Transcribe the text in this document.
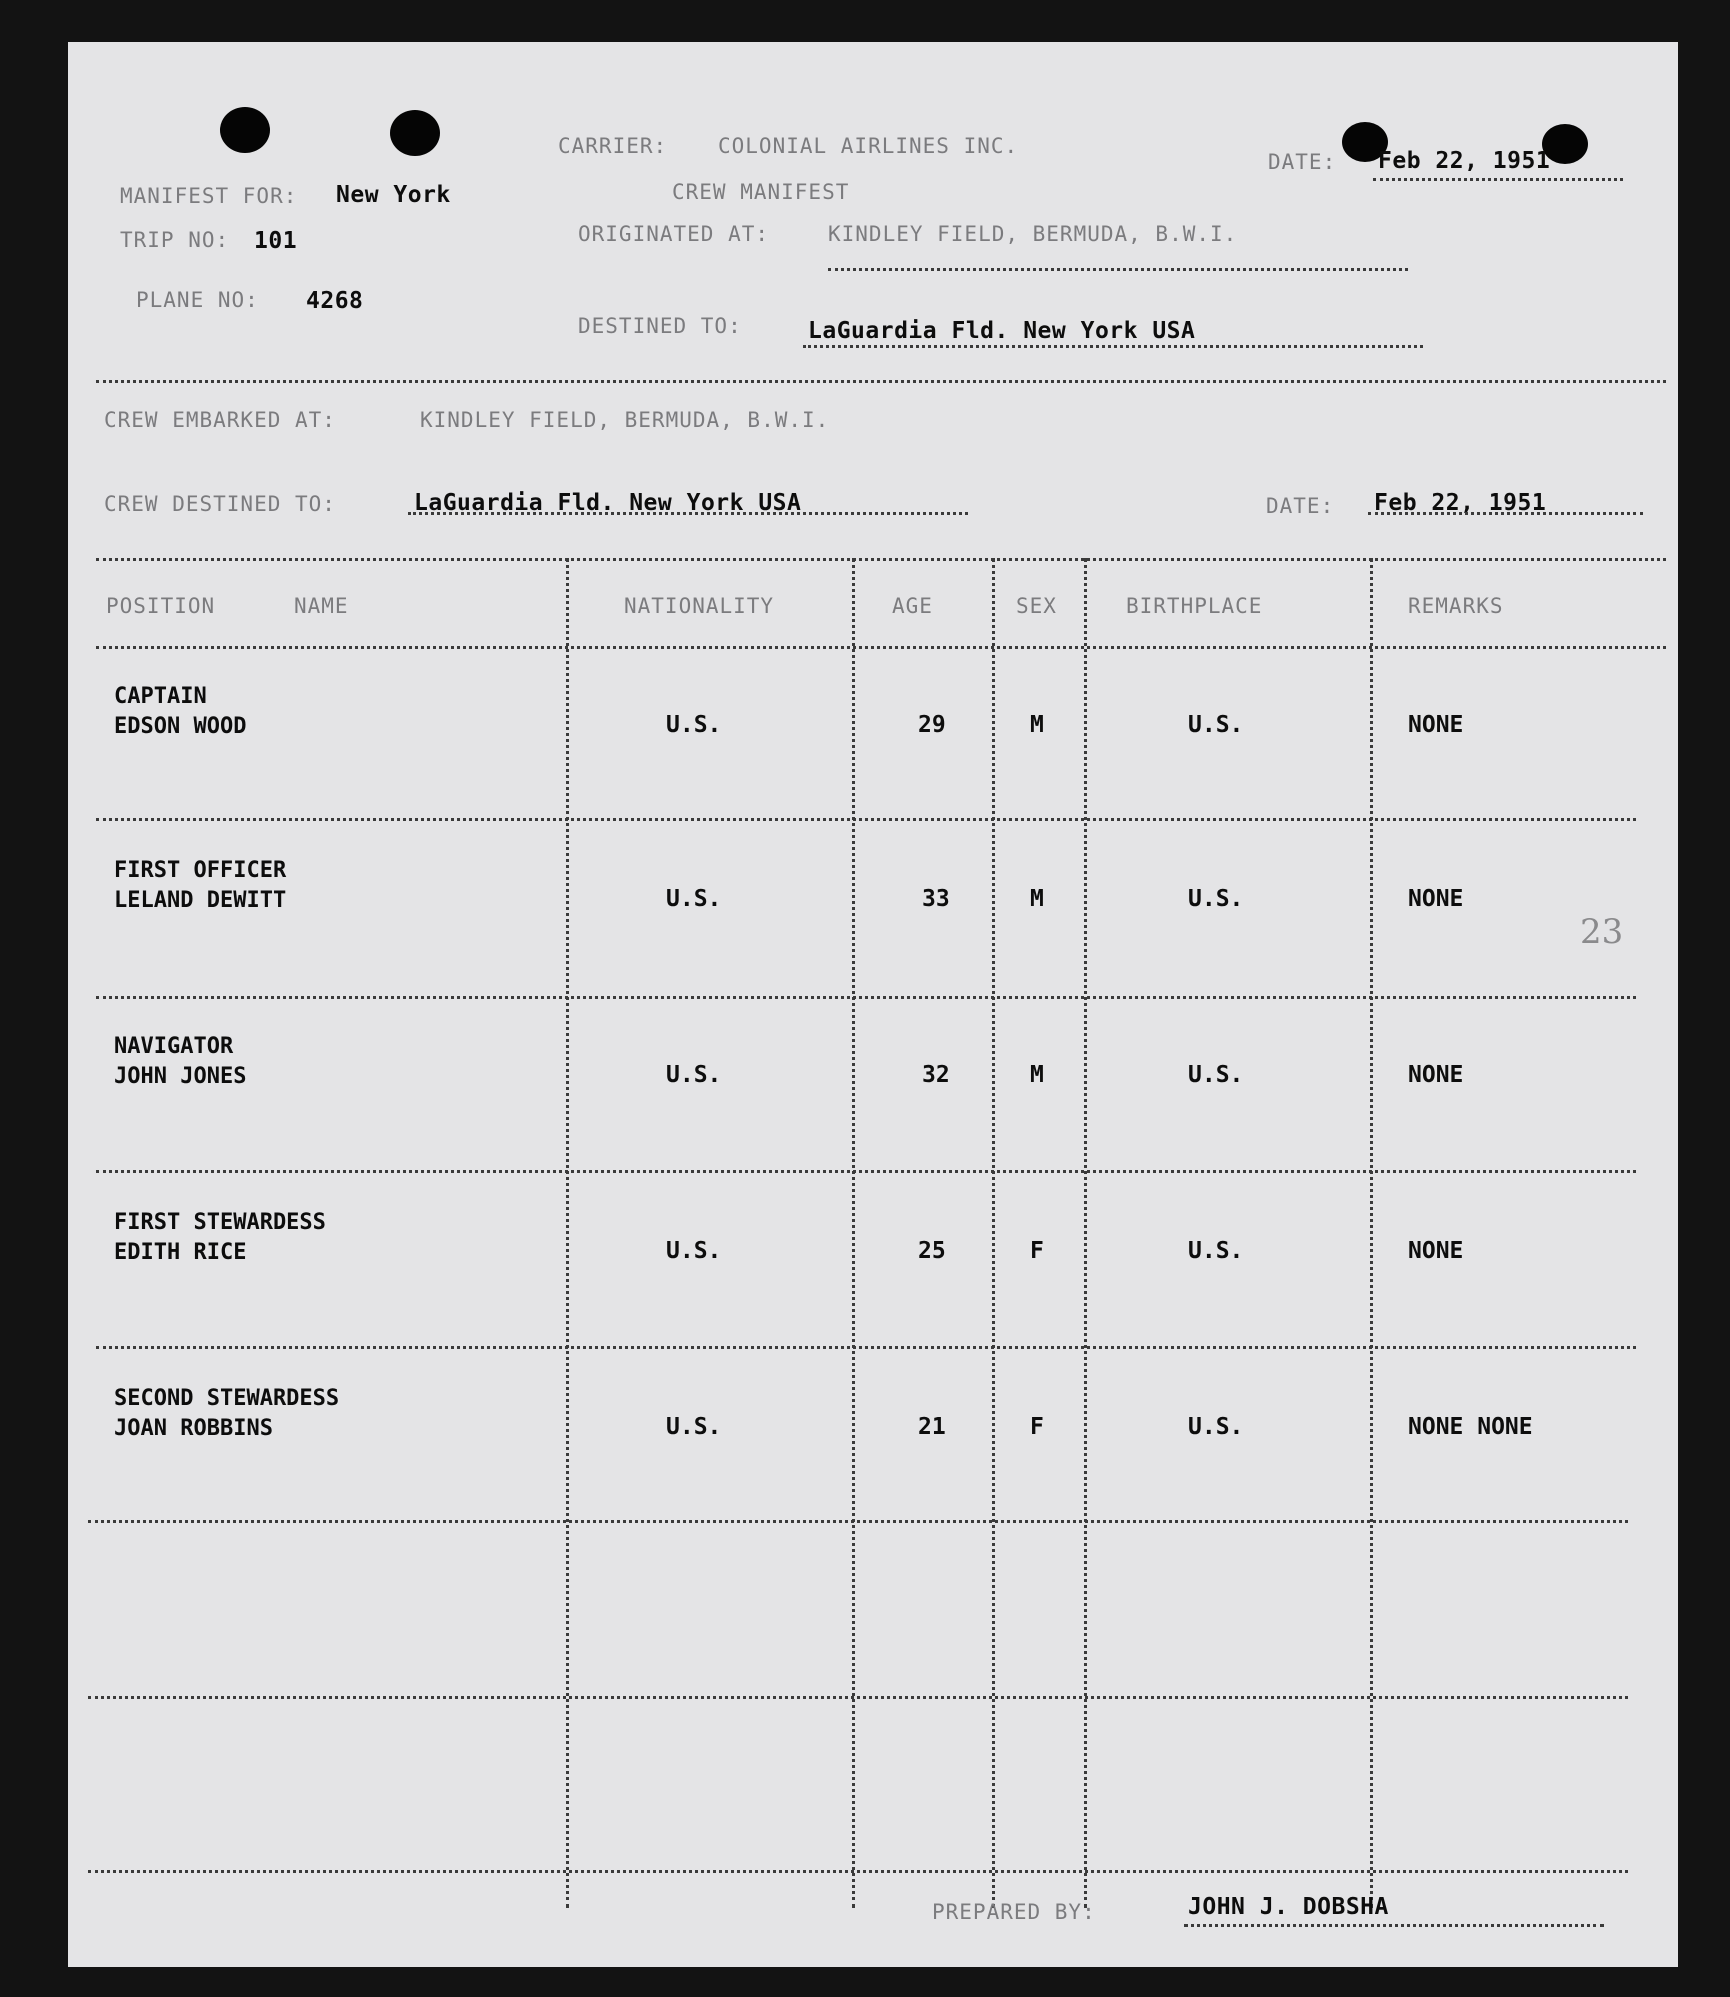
CARRIER: COLONIAL AIRLINES INC.
CREW MANIFEST
DATE: Feb 22, 1951
MANIFEST FOR: New York
TRIP NO: 101
PLANE NO: 4268
ORIGINATED AT:	KINDLEY FIELD, BERMUDA, B.W.I.
DESTINED TO:	LaGuardia Fld. New York USA
CREW EMBARKED AT:	KINDLEY FIELD, BERMUDA, B.W.I.
CREW DESTINED TO:	LaGuardia Fld. New York USA	DATE: Feb 22, 1951
POSITION	NAME	NATIONALITY	AGE	SEX	BIRTHPLACE	REMARKS
CAPTAIN
EDSON WOOD	U.S.	29	M	U.S.	NONE
FIRST OFFICER
LELAND DEWITT	U.S.	33	M	U.S.	NONE
NAVIGATOR
JOHN JONES	U.S.	32	M	U.S.	NONE
FIRST STEWARDESS
EDITH RICE	U.S.	25	F	U.S.	NONE
SECOND STEWARDESS
JOAN ROBBINS	U.S.	21	F	U.S.	NONE NONE
23
PREPARED BY:	JOHN J. DOBSHA
